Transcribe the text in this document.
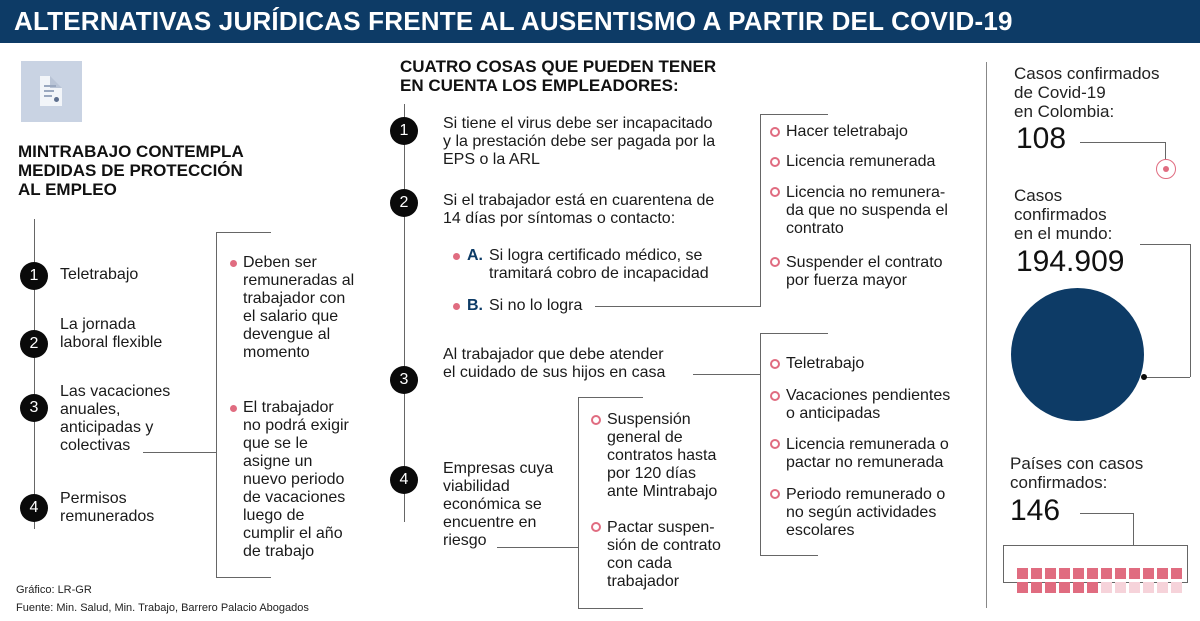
ALTERNATIVAS JURÍDICAS FRENTE AL AUSENTISMO A PARTIR DEL COVID-19
MINTRABAJO CONTEMPLA
MEDIDAS DE PROTECCIÓN
AL EMPLEO
1	Teletrabajo
2
La jornada
laboral flexible
3
Las vacaciones
anuales,
anticipadas y
colectivas
4
Permisos
remunerados
Deben ser
remuneradas al
trabajador con
el salario que
devengue al
momento
El trabajador
no podrá exigir
que se le
asigne un
nuevo periodo
de vacaciones
luego de
cumplir el año
de trabajo
Gráfico: LR-GR
Fuente: Min. Salud, Min. Trabajo, Barrero Palacio Abogados
CUATRO COSAS QUE PUEDEN TENER
EN CUENTA LOS EMPLEADORES:
1	Si tiene el virus debe ser incapacitado
y la prestación debe ser pagada por la
EPS o la ARL
2	Si el trabajador está en cuarentena de
14 días por síntomas o contacto:
A. Si logra certificado médico, se
tramitará cobro de incapacidad
B. Si no lo logra
3
Al trabajador que debe atender
el cuidado de sus hijos en casa
4
Empresas cuya
viabilidad
económica se
encuentre en
riesgo
Hacer teletrabajo
Licencia remunerada
Licencia no remunera-
da que no suspenda el
contrato
Suspender el contrato
por fuerza mayor
Teletrabajo
Vacaciones pendientes
o anticipadas
Licencia remunerada o
pactar no remunerada
Periodo remunerado o
no según actividades
escolares
Suspensión
general de
contratos hasta
por 120 días
ante Mintrabajo
Pactar suspen-
sión de contrato
con cada
trabajador
Casos confirmados
de Covid-19
en Colombia:
108
Casos
confirmados
en el mundo:
194.909
Países con casos
confirmados:
146
